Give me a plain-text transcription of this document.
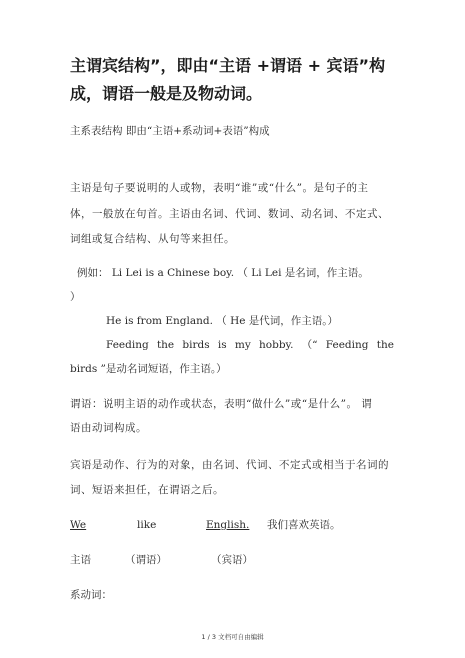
主谓宾结构”，即由“主语 +谓语 + 宾语”构成，谓语一般是及物动词。
主系表结构 即由“主语+系动词+表语”构成
主语是句子要说明的人或物，表明“谁”或“什么”。是句子的主
体，一般放在句首。主语由名词、代词、数词、动名词、不定式、
词组或复合结构、从句等来担任。
例如： Li Lei is a Chinese boy. （ Li Lei 是名词，作主语。
）
He is from England. （ He 是代词，作主语。）
Feeding the birds is my hobby. （“ Feeding the
birds ”是动名词短语，作主语。）
谓语：说明主语的动作或状态，表明“做什么”或“是什么”。 谓
语由动词构成。
宾语是动作、行为的对象，由名词、代词、不定式或相当于名词的
词、短语来担任，在谓语之后。
We	like	English. 我们喜欢英语。
主语	（谓语）	（宾语）
系动词：
1 / 3 文档可自由编辑
